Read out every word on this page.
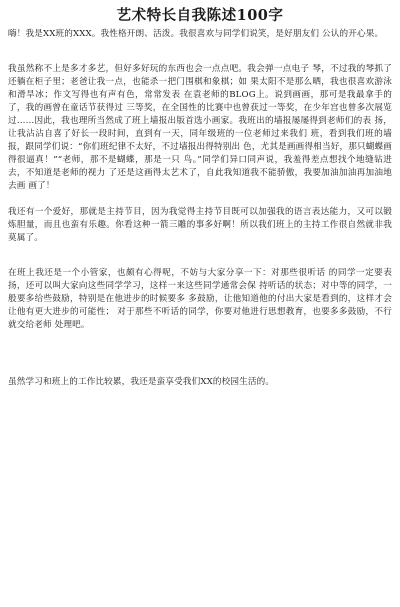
艺术特长自我陈述100字

嗨！我是XX班的XXX。我性格开朗、活泼。我很喜欢与同学们说笑，是好朋友们 公认的开心果。

我虽然称不上是多才多艺，但好多好玩的东西也会一点点吧。我会弹一点电子 琴，不过我的琴抓了还躺在柜子里；老爸让我一点，也能杀一把门围棋和象棋；如 果太阳不是那么晒，我也很喜欢游泳和滑旱冰；作文写得也有声有色，常常发表 在袁老师的BLOG上。说到画画，那可是我最拿手的了，我的画曾在童话节获得过 三等奖，在全国性的比赛中也曾获过一等奖，在少年宫也曾多次展览过……因此，我也理所当然成了班上墙报出版首选小画家。我班出的墙报屡屡得到老师们的表 扬，让我沾沾自喜了好长一段时间，直到有一天，同年级班的一位老师过来我们 班，看到我们班的墙报，跟同学们说：“你们班纪律不太好，不过墙报出得特别出 色，尤其是画画得相当好，那只蝴蝶画得很逼真！”“老师，那不是蝴蝶，那是一只 鸟。”同学们异口同声说，我羞得差点想找个地缝钻进去，不知道是老师的视力 了还是这画得太艺术了，自此我知道我不能骄傲，我要加油加油再加油地去画 画了！

我还有一个爱好，那就是主持节目，因为我觉得主持节目既可以加强我的语言表达能力，又可以锻炼胆量，而且也蛮有乐趣。你看这种一箭三雕的事多好啊！所以我们班上的主持工作很自然就非我莫属了。

在班上我还是一个小管家，也颇有心得呢，不妨与大家分享一下：对那些很听话 的同学一定要表扬，还可以叫大家向这些同学学习，这样一来这些同学通常会保 持听话的状态；对中等的同学，一般要多给些鼓励，特别是在他进步的时候要多 多鼓励，让他知道他的付出大家是看到的，这样才会让他有更大进步的可能性； 对于那些不听话的同学，你要对他进行思想教育，也要多多鼓励，不行就交给老师 处理吧。

虽然学习和班上的工作比较累，我还是蛮享受我们XX的校园生活的。
